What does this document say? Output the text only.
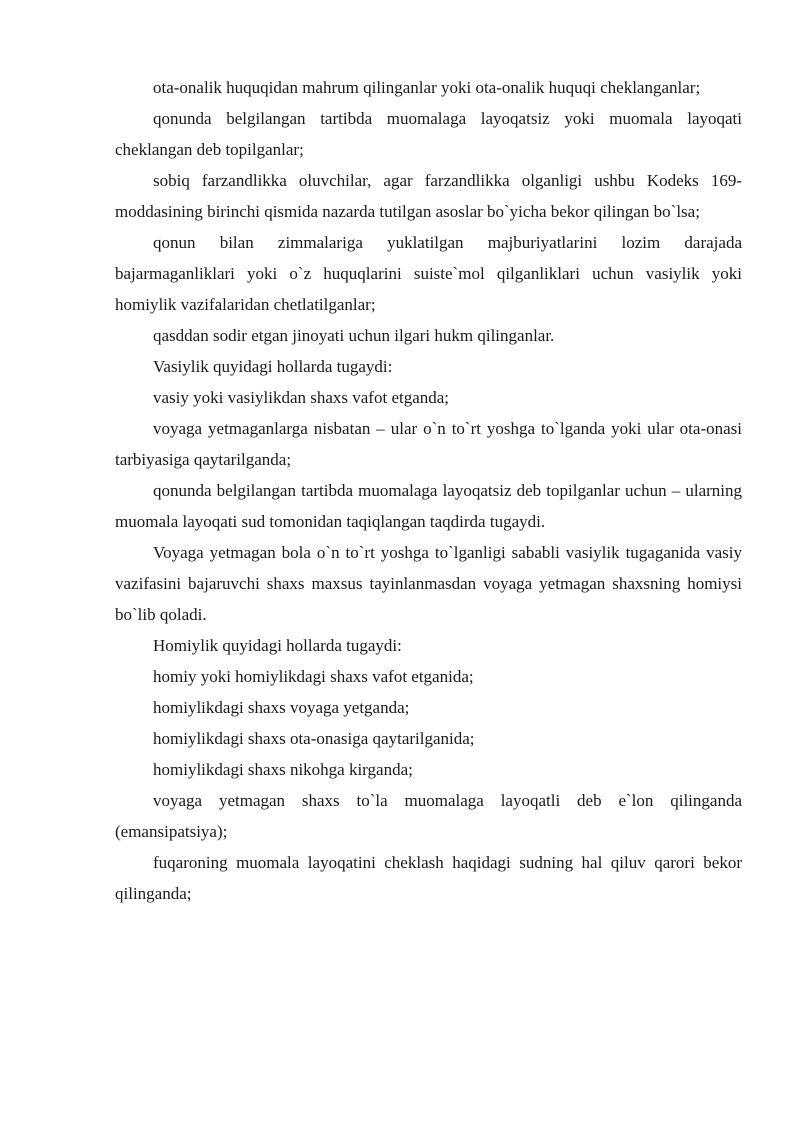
ota-onalik huquqidan mahrum qilinganlar yoki ota-onalik huquqi cheklanganlar;

qonunda belgilangan tartibda muomalaga layoqatsiz yoki muomala layoqati cheklangan deb topilganlar;

sobiq farzandlikka oluvchilar, agar farzandlikka olganligi ushbu Kodeks 169-moddasining birinchi qismida nazarda tutilgan asoslar bo`yicha bekor qilingan bo`lsa;

qonun bilan zimmalariga yuklatilgan majburiyatlarini lozim darajada bajarmaganliklari yoki o`z huquqlarini suiste`mol qilganliklari uchun vasiylik yoki homiylik vazifalaridan chetlatilganlar;

qasddan sodir etgan jinoyati uchun ilgari hukm qilinganlar.

Vasiylik quyidagi hollarda tugaydi:

vasiy yoki vasiylikdan shaxs vafot etganda;

voyaga yetmaganlarga nisbatan – ular o`n to`rt yoshga to`lganda yoki ular ota-onasi tarbiyasiga qaytarilganda;

qonunda belgilangan tartibda muomalaga layoqatsiz deb topilganlar uchun – ularning muomala layoqati sud tomonidan taqiqlangan taqdirda tugaydi.

Voyaga yetmagan bola o`n to`rt yoshga to`lganligi sababli vasiylik tugaganida vasiy vazifasini bajaruvchi shaxs maxsus tayinlanmasdan voyaga yetmagan shaxsning homiysi bo`lib qoladi.

Homiylik quyidagi hollarda tugaydi:

homiy yoki homiylikdagi shaxs vafot etganida;

homiylikdagi shaxs voyaga yetganda;

homiylikdagi shaxs ota-onasiga qaytarilganida;

homiylikdagi shaxs nikohga kirganda;

voyaga yetmagan shaxs to`la muomalaga layoqatli deb e`lon qilinganda (emansipatsiya);

fuqaroning muomala layoqatini cheklash haqidagi sudning hal qiluv qarori bekor qilinganda;
